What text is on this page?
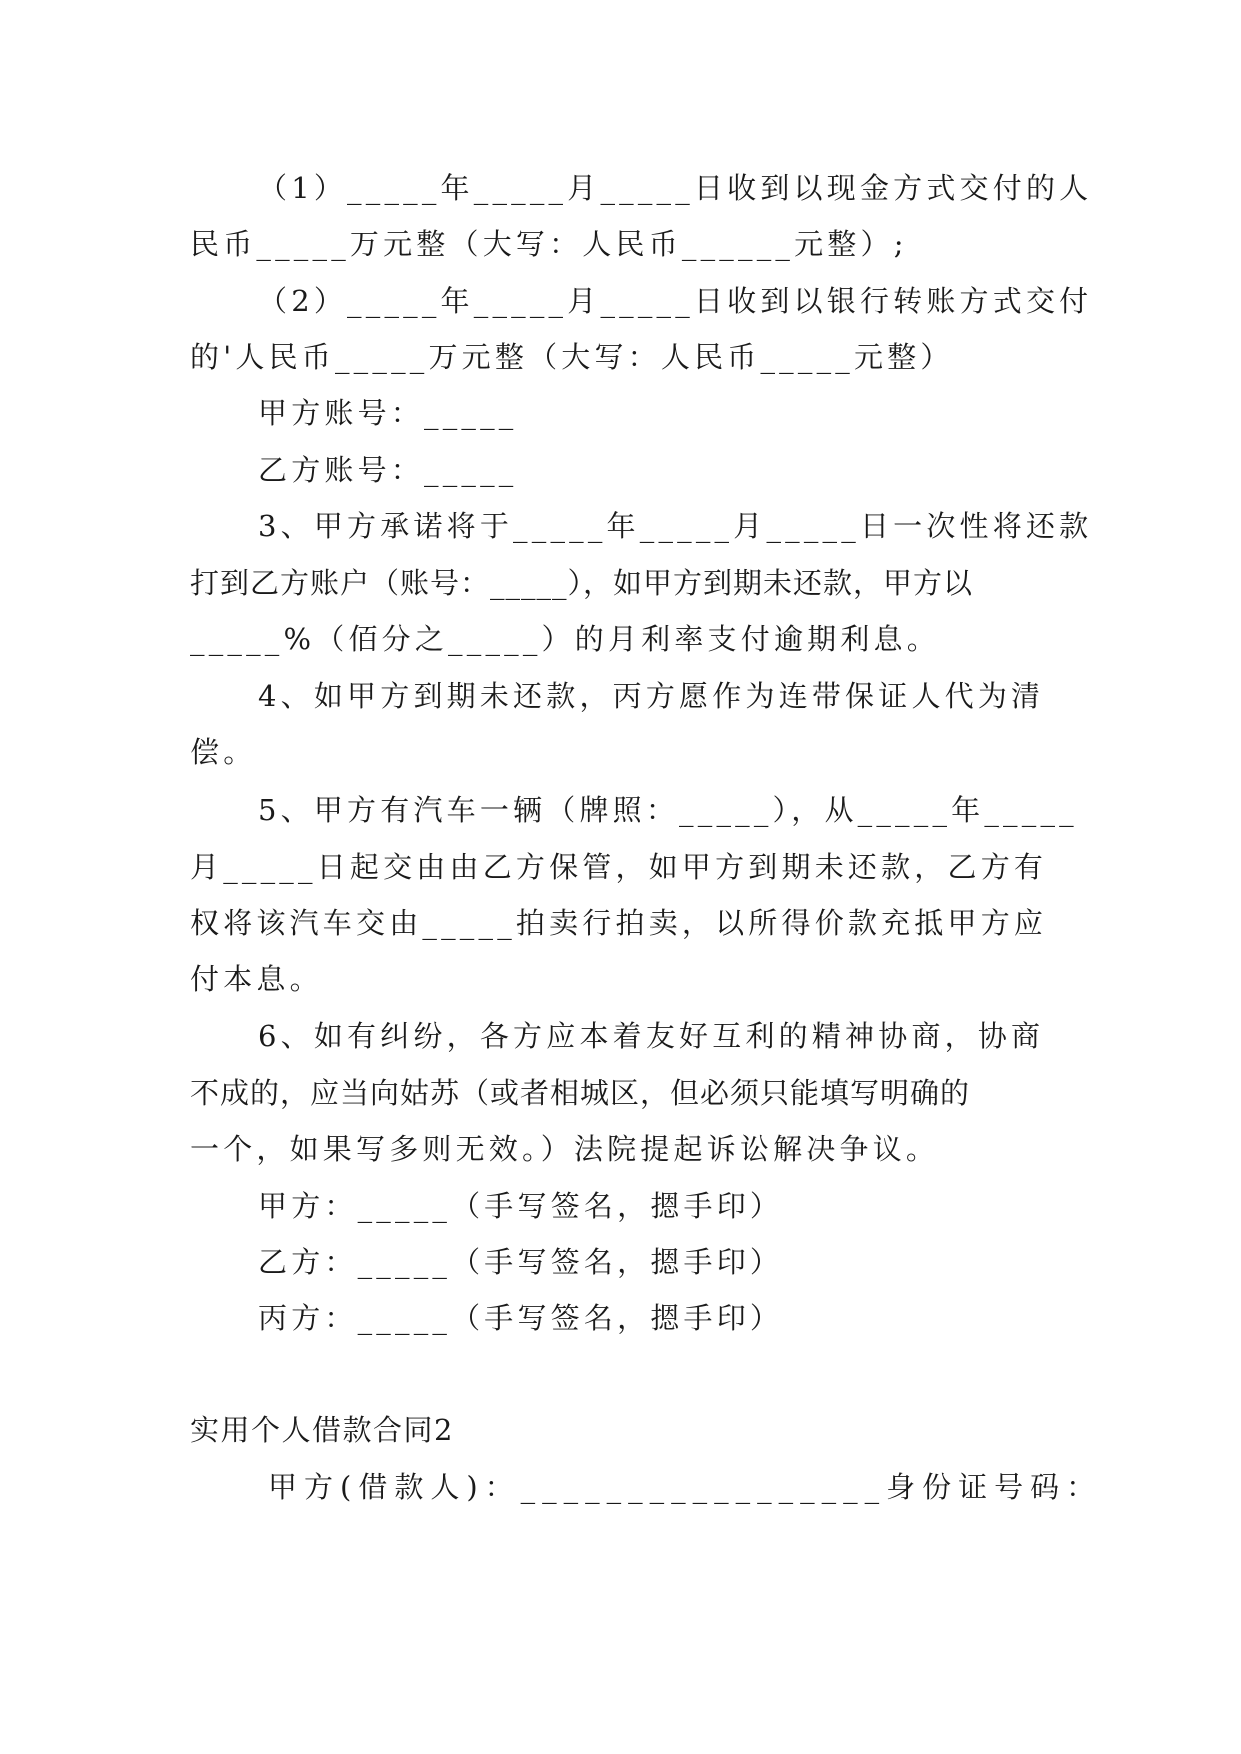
（1）_____年_____月_____日收到以现金方式交付的人

民币_____万元整（大写：人民币______元整）;

（2）_____年_____月_____日收到以银行转账方式交付

的'人民币_____万元整（大写：人民币_____元整）

甲方账号：_____

乙方账号：_____

3、甲方承诺将于_____年_____月_____日一次性将还款

打到乙方账户（账号：_____），如甲方到期未还款，甲方以

_____%（佰分之_____）的月利率支付逾期利息。

4、如甲方到期未还款，丙方愿作为连带保证人代为清

偿。

5、甲方有汽车一辆（牌照：_____），从_____年_____

月_____日起交由由乙方保管，如甲方到期未还款，乙方有

权将该汽车交由_____拍卖行拍卖，以所得价款充抵甲方应

付本息。

6、如有纠纷，各方应本着友好互利的精神协商，协商

不成的，应当向姑苏（或者相城区，但必须只能填写明确的

一个，如果写多则无效。）法院提起诉讼解决争议。

甲方：_____（手写签名，摁手印）

乙方：_____（手写签名，摁手印）

丙方：_____（手写签名，摁手印）

实用个人借款合同2

甲方(借款人)：_________________身份证号码：
